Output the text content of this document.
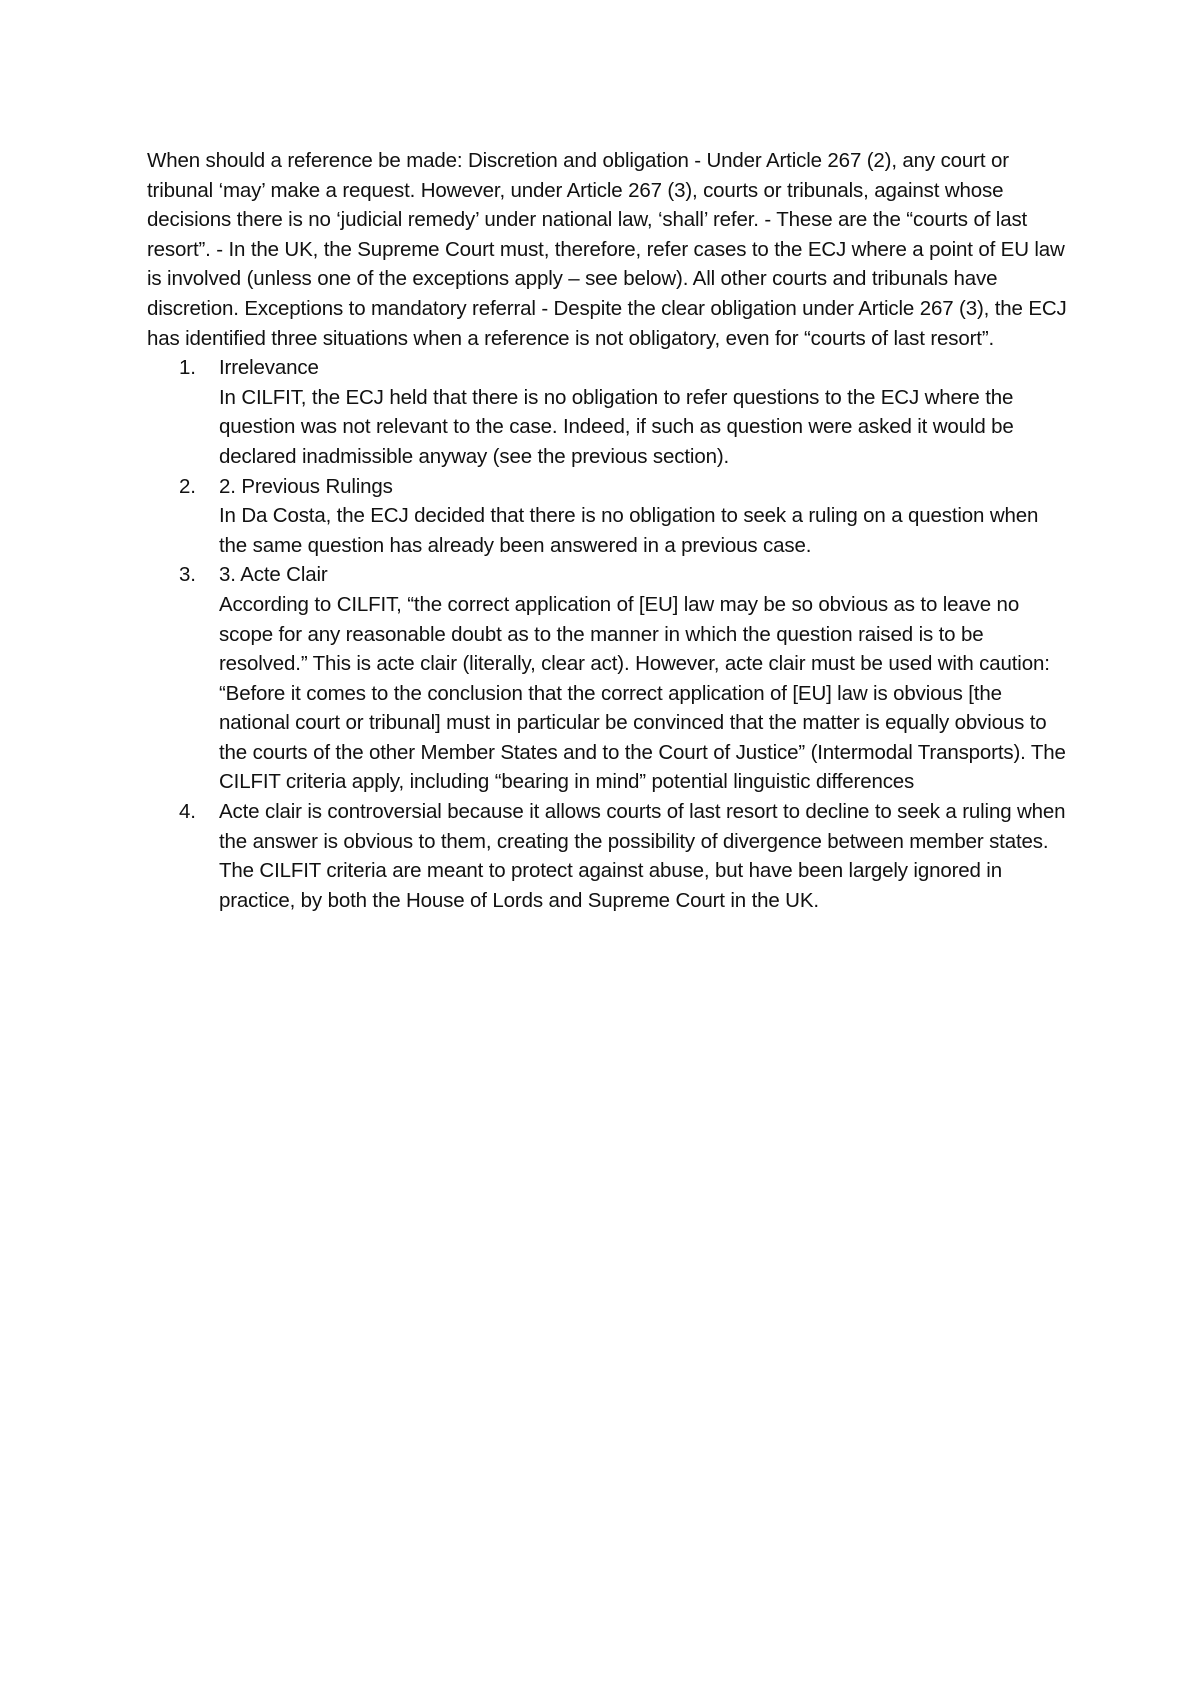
When should a reference be made: Discretion and obligation - Under Article 267 (2), any court or tribunal ‘may’ make a request. However, under Article 267 (3), courts or tribunals, against whose decisions there is no ‘judicial remedy’ under national law, ‘shall’ refer. - These are the “courts of last resort”. - In the UK, the Supreme Court must, therefore, refer cases to the ECJ where a point of EU law is involved (unless one of the exceptions apply – see below). All other courts and tribunals have discretion. Exceptions to mandatory referral - Despite the clear obligation under Article 267 (3), the ECJ has identified three situations when a reference is not obligatory, even for “courts of last resort”.

1. Irrelevance
In CILFIT, the ECJ held that there is no obligation to refer questions to the ECJ where the question was not relevant to the case. Indeed, if such as question were asked it would be declared inadmissible anyway (see the previous section).
2. 2. Previous Rulings
In Da Costa, the ECJ decided that there is no obligation to seek a ruling on a question when the same question has already been answered in a previous case.
3. 3. Acte Clair
According to CILFIT, “the correct application of [EU] law may be so obvious as to leave no scope for any reasonable doubt as to the manner in which the question raised is to be resolved.” This is acte clair (literally, clear act). However, acte clair must be used with caution: “Before it comes to the conclusion that the correct application of [EU] law is obvious [the national court or tribunal] must in particular be convinced that the matter is equally obvious to the courts of the other Member States and to the Court of Justice” (Intermodal Transports). The CILFIT criteria apply, including “bearing in mind” potential linguistic differences
4. Acte clair is controversial because it allows courts of last resort to decline to seek a ruling when the answer is obvious to them, creating the possibility of divergence between member states. The CILFIT criteria are meant to protect against abuse, but have been largely ignored in practice, by both the House of Lords and Supreme Court in the UK.
